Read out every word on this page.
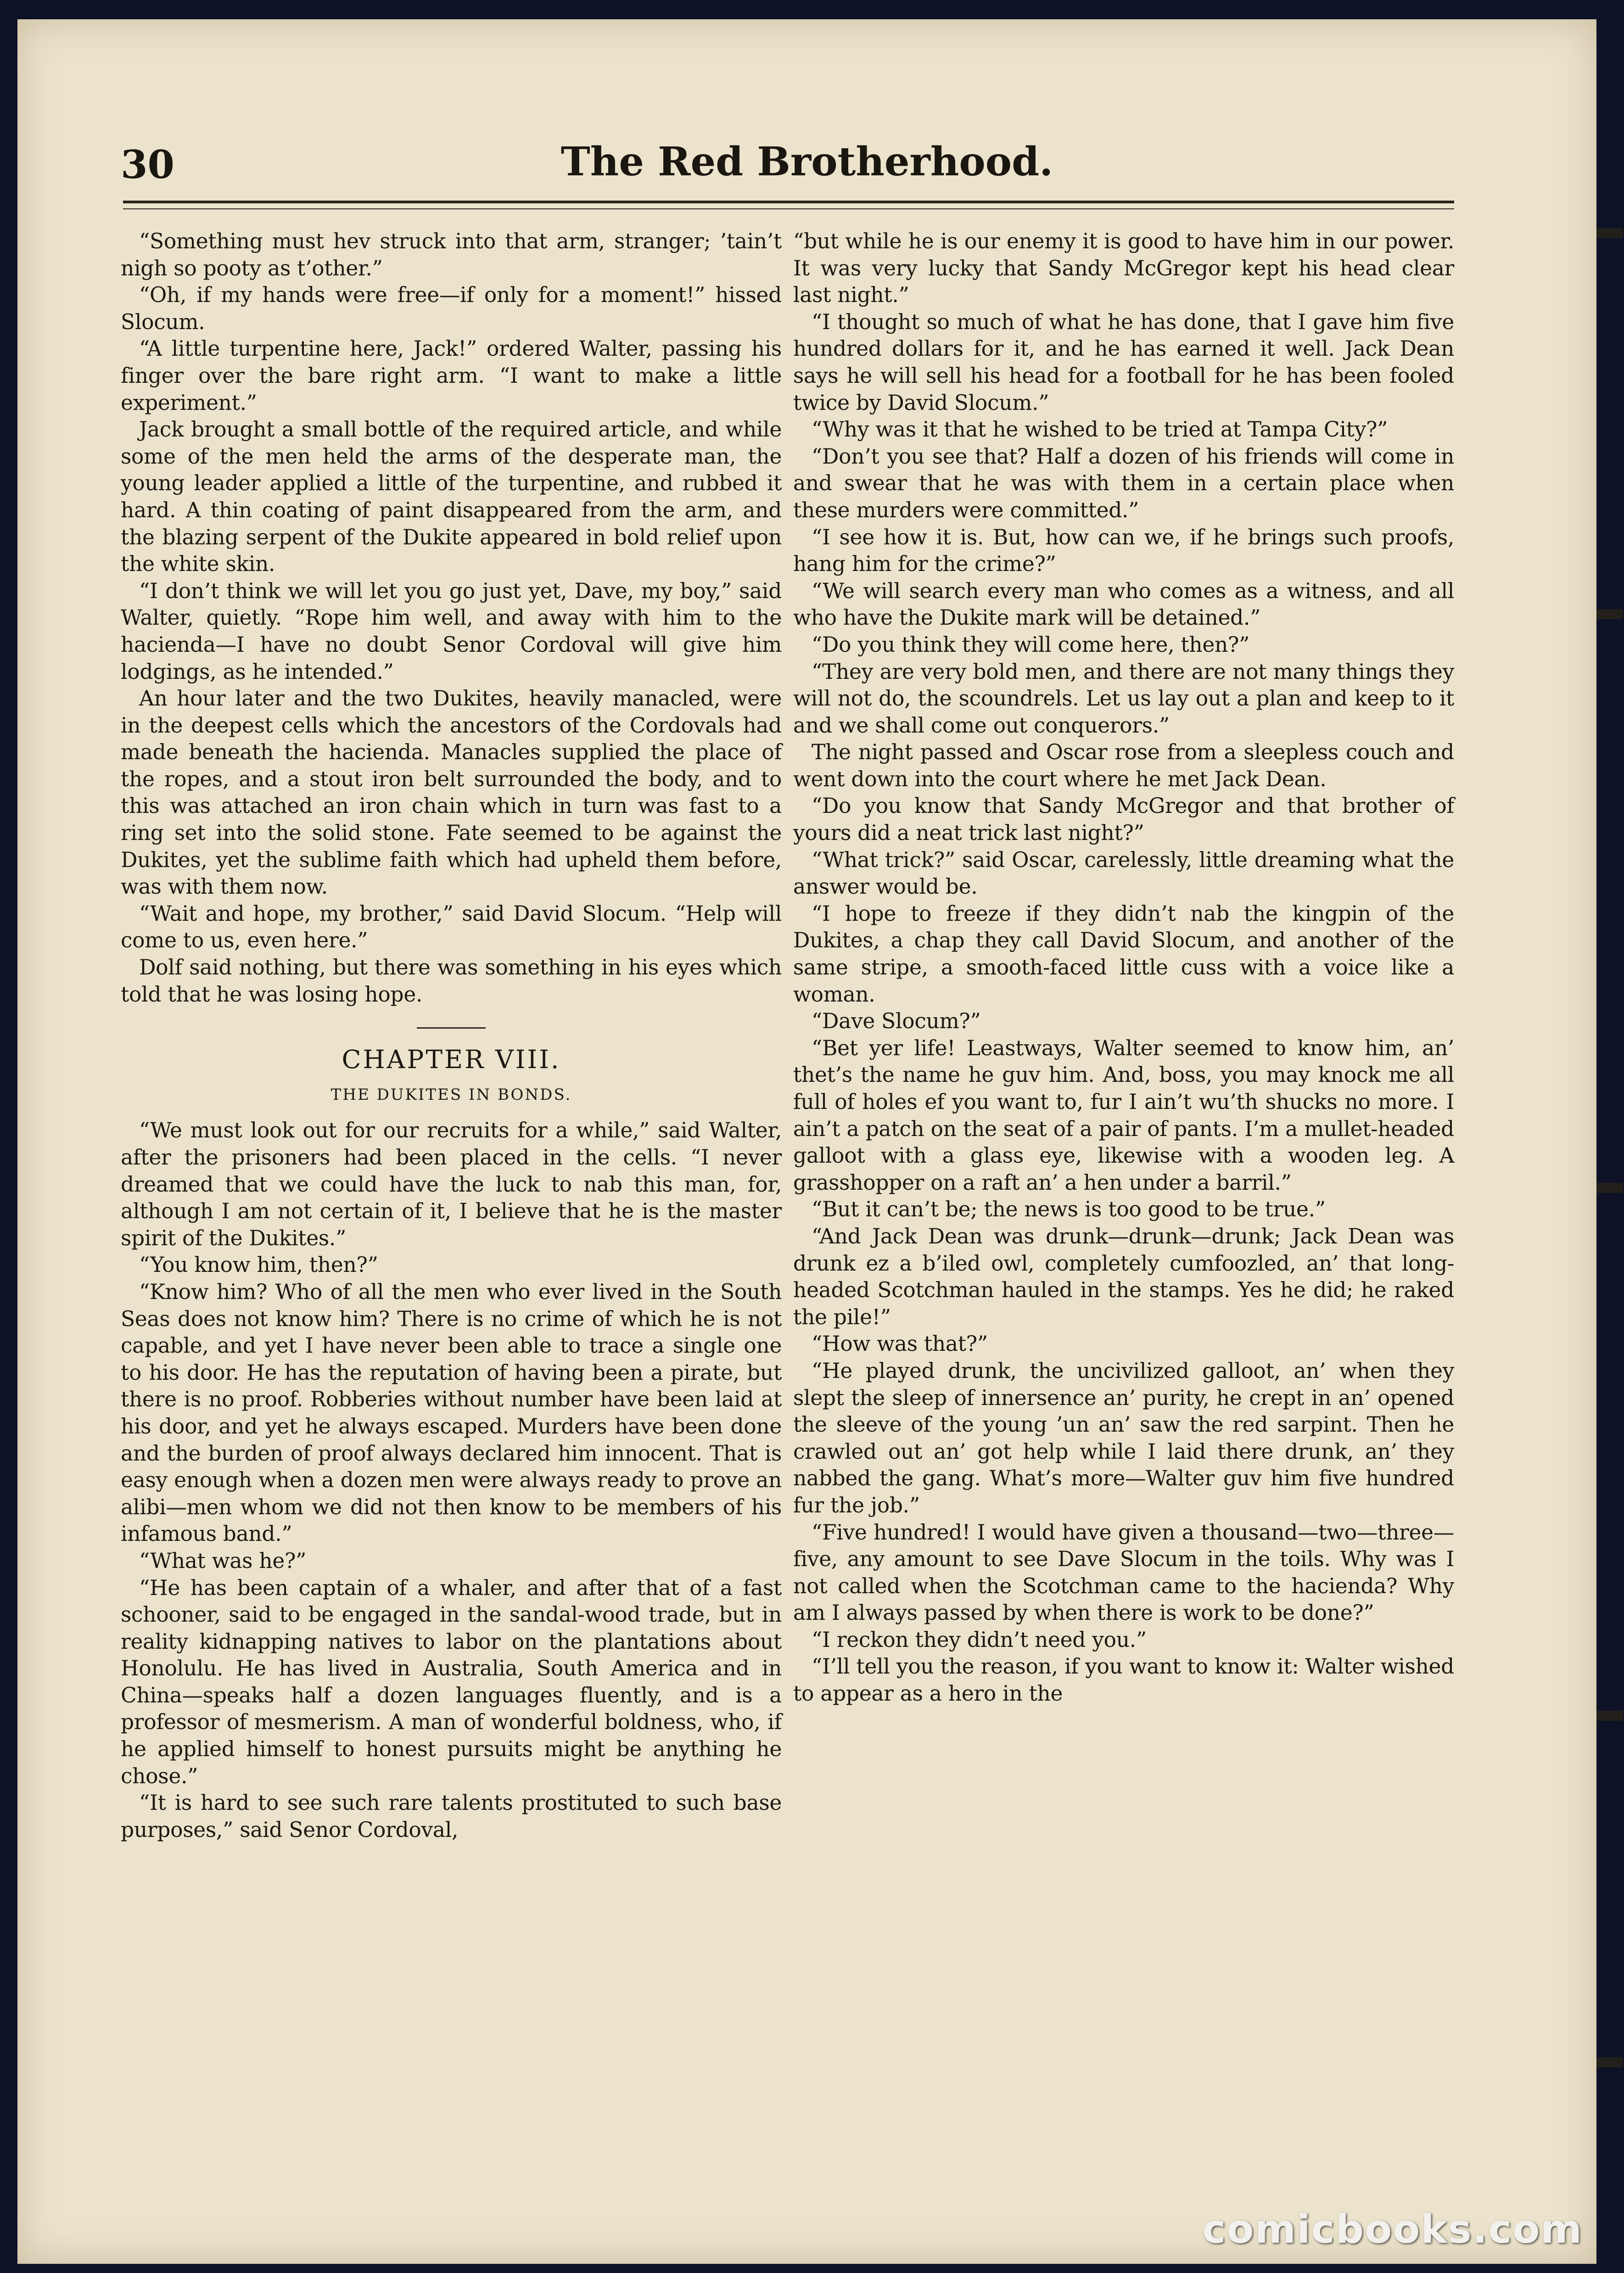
30	The Red Brotherhood.

“Something must hev struck into that arm, stranger; ’tain’t nigh so pooty as t’other.”

“Oh, if my hands were free—if only for a moment!” hissed Slocum.

“A little turpentine here, Jack!” ordered Walter, passing his finger over the bare right arm. “I want to make a little experiment.”

Jack brought a small bottle of the required article, and while some of the men held the arms of the desperate man, the young leader applied a little of the turpentine, and rubbed it hard. A thin coating of paint disappeared from the arm, and the blazing serpent of the Dukite appeared in bold relief upon the white skin.

“I don’t think we will let you go just yet, Dave, my boy,” said Walter, quietly. “Rope him well, and away with him to the hacienda—I have no doubt Senor Cordoval will give him lodgings, as he intended.”

An hour later and the two Dukites, heavily manacled, were in the deepest cells which the ancestors of the Cordovals had made beneath the hacienda. Manacles supplied the place of the ropes, and a stout iron belt surrounded the body, and to this was attached an iron chain which in turn was fast to a ring set into the solid stone. Fate seemed to be against the Dukites, yet the sublime faith which had upheld them before, was with them now.

“Wait and hope, my brother,” said David Slocum. “Help will come to us, even here.”

Dolf said nothing, but there was something in his eyes which told that he was losing hope.

CHAPTER VIII.
THE DUKITES IN BONDS.

“We must look out for our recruits for a while,” said Walter, after the prisoners had been placed in the cells. “I never dreamed that we could have the luck to nab this man, for, although I am not certain of it, I believe that he is the master spirit of the Dukites.”

“You know him, then?”

“Know him? Who of all the men who ever lived in the South Seas does not know him? There is no crime of which he is not capable, and yet I have never been able to trace a single one to his door. He has the reputation of having been a pirate, but there is no proof. Robberies without number have been laid at his door, and yet he always escaped. Murders have been done and the burden of proof always declared him innocent. That is easy enough when a dozen men were always ready to prove an alibi—men whom we did not then know to be members of his infamous band.”

“What was he?”

“He has been captain of a whaler, and after that of a fast schooner, said to be engaged in the sandal-wood trade, but in reality kidnapping natives to labor on the plantations about Honolulu. He has lived in Australia, South America and in China—speaks half a dozen languages fluently, and is a professor of mesmerism. A man of wonderful boldness, who, if he applied himself to honest pursuits might be anything he chose.”

“It is hard to see such rare talents prostituted to such base purposes,” said Senor Cordoval,

“but while he is our enemy it is good to have him in our power. It was very lucky that Sandy McGregor kept his head clear last night.”

“I thought so much of what he has done, that I gave him five hundred dollars for it, and he has earned it well. Jack Dean says he will sell his head for a football for he has been fooled twice by David Slocum.”

“Why was it that he wished to be tried at Tampa City?”

“Don’t you see that? Half a dozen of his friends will come in and swear that he was with them in a certain place when these murders were committed.”

“I see how it is. But, how can we, if he brings such proofs, hang him for the crime?”

“We will search every man who comes as a witness, and all who have the Dukite mark will be detained.”

“Do you think they will come here, then?”

“They are very bold men, and there are not many things they will not do, the scoundrels. Let us lay out a plan and keep to it and we shall come out conquerors.”

The night passed and Oscar rose from a sleepless couch and went down into the court where he met Jack Dean.

“Do you know that Sandy McGregor and that brother of yours did a neat trick last night?”

“What trick?” said Oscar, carelessly, little dreaming what the answer would be.

“I hope to freeze if they didn’t nab the kingpin of the Dukites, a chap they call David Slocum, and another of the same stripe, a smooth-faced little cuss with a voice like a woman.

“Dave Slocum?”

“Bet yer life! Leastways, Walter seemed to know him, an’ thet’s the name he guv him. And, boss, you may knock me all full of holes ef you want to, fur I ain’t wu’th shucks no more. I ain’t a patch on the seat of a pair of pants. I’m a mullet-headed galloot with a glass eye, likewise with a wooden leg. A grasshopper on a raft an’ a hen under a barril.”

“But it can’t be; the news is too good to be true.”

“And Jack Dean was drunk—drunk—drunk; Jack Dean was drunk ez a b’iled owl, completely cumfoozled, an’ that long-headed Scotchman hauled in the stamps. Yes he did; he raked the pile!”

“How was that?”

“He played drunk, the uncivilized galloot, an’ when they slept the sleep of innersence an’ purity, he crept in an’ opened the sleeve of the young ’un an’ saw the red sarpint. Then he crawled out an’ got help while I laid there drunk, an’ they nabbed the gang. What’s more—Walter guv him five hundred fur the job.”

“Five hundred! I would have given a thousand—two—three—five, any amount to see Dave Slocum in the toils. Why was I not called when the Scotchman came to the hacienda? Why am I always passed by when there is work to be done?”

“I reckon they didn’t need you.”

“I’ll tell you the reason, if you want to know it: Walter wished to appear as a hero in the

comicbooks.com
